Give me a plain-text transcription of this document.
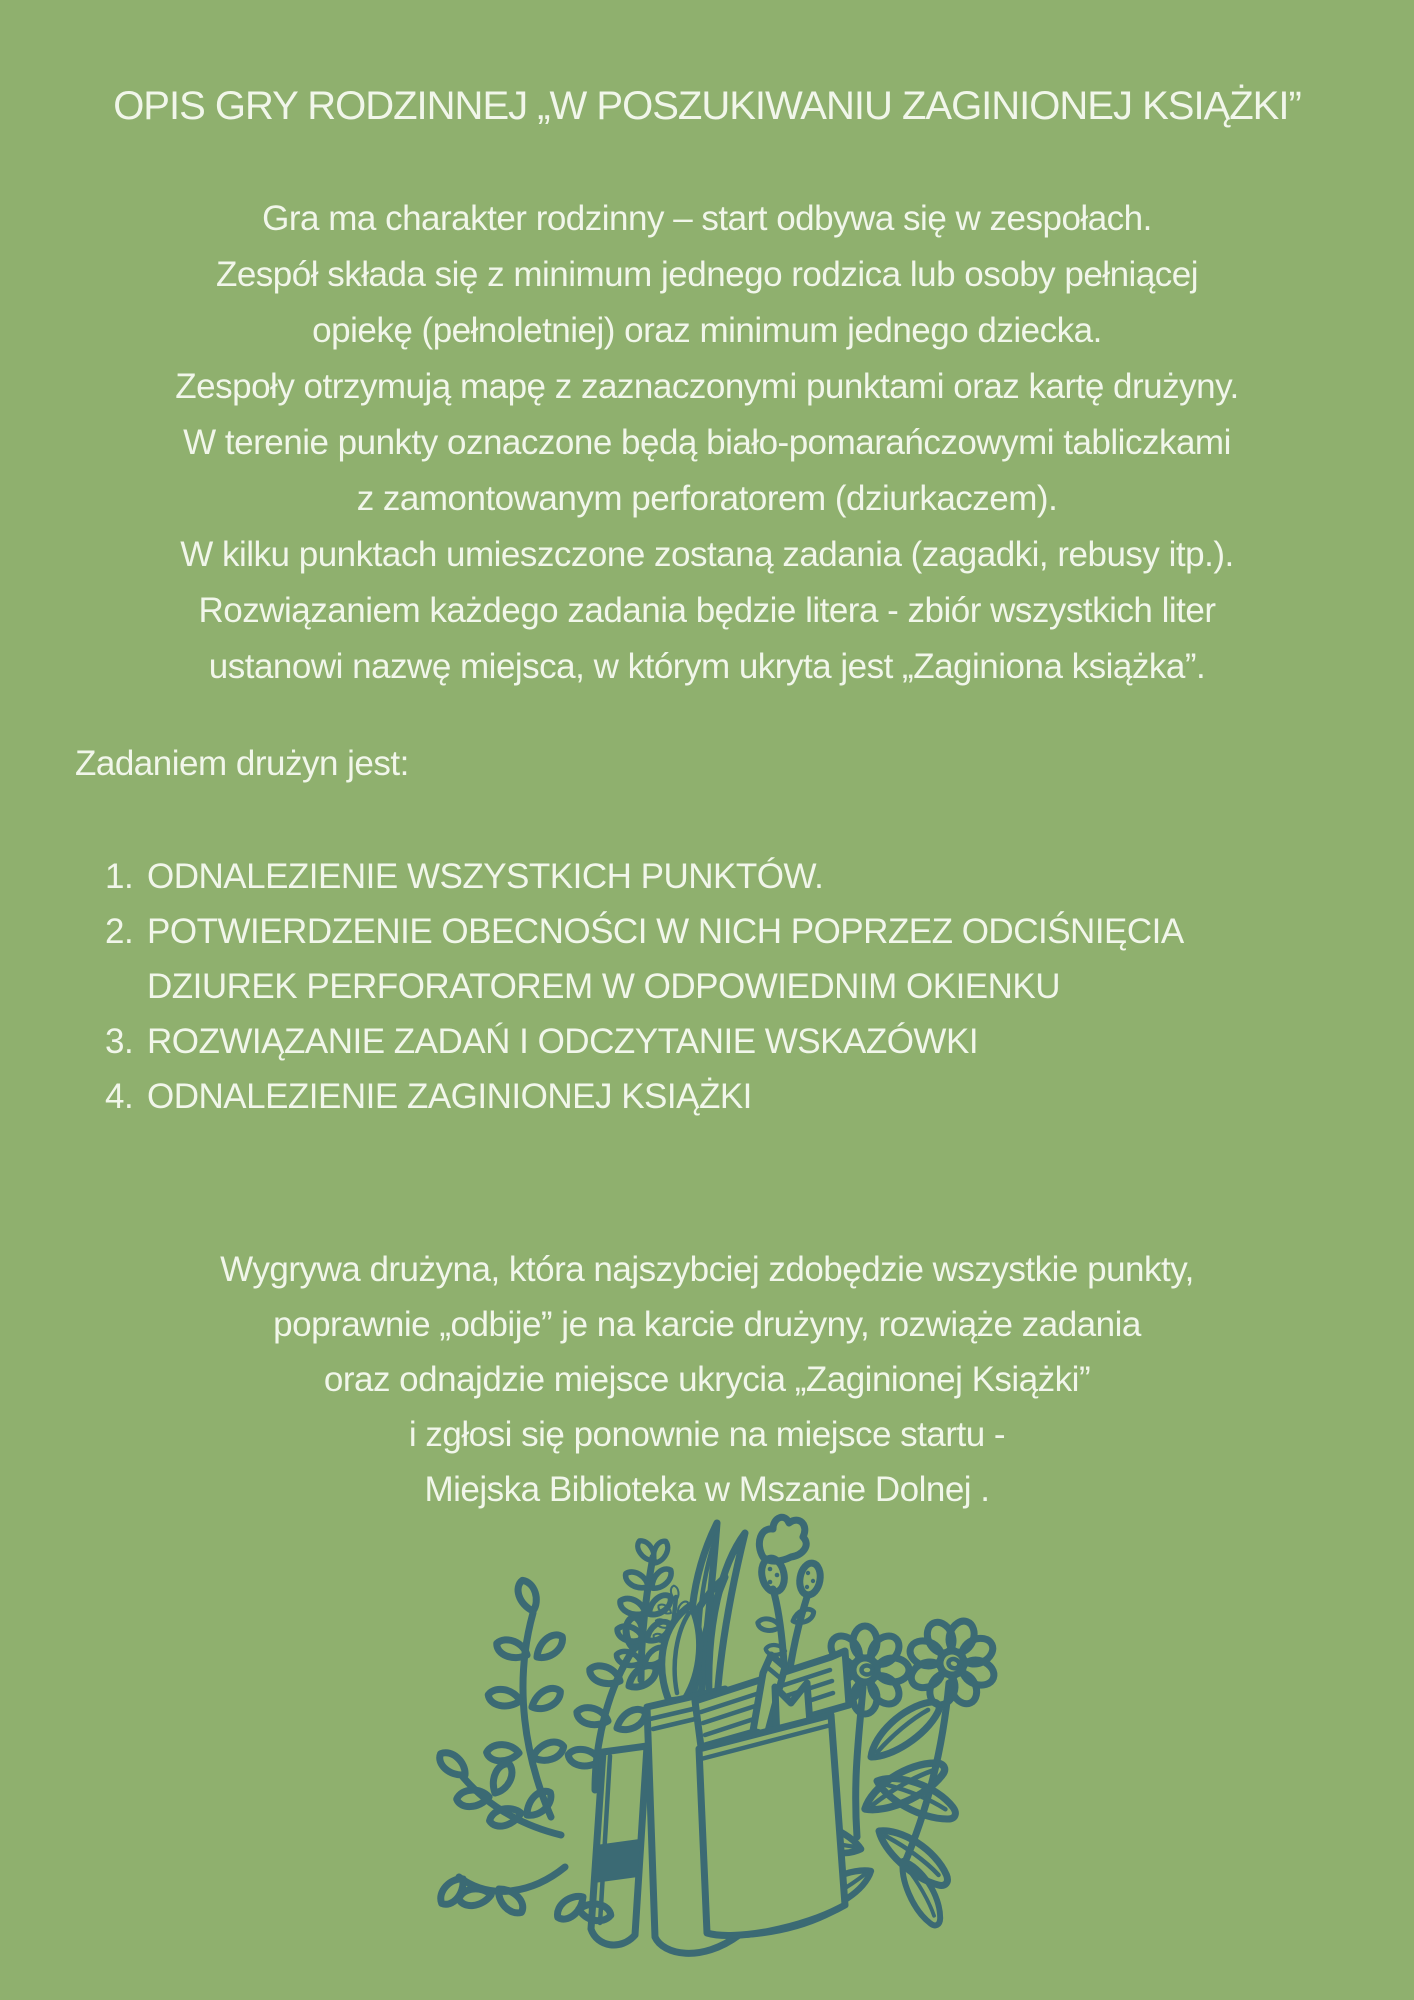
OPIS GRY RODZINNEJ „W POSZUKIWANIU ZAGINIONEJ KSIĄŻKI”
Gra ma charakter rodzinny – start odbywa się w zespołach.
Zespół składa się z minimum jednego rodzica lub osoby pełniącej
opiekę (pełnoletniej) oraz minimum jednego dziecka.
Zespoły otrzymują mapę z zaznaczonymi punktami oraz kartę drużyny.
W terenie punkty oznaczone będą biało-pomarańczowymi tabliczkami
z zamontowanym perforatorem (dziurkaczem).
W kilku punktach umieszczone zostaną zadania (zagadki, rebusy itp.).
Rozwiązaniem każdego zadania będzie litera - zbiór wszystkich liter
ustanowi nazwę miejsca, w którym ukryta jest „Zaginiona książka”.
Zadaniem drużyn jest:
1. ODNALEZIENIE WSZYSTKICH PUNKTÓW.
2. POTWIERDZENIE OBECNOŚCI W NICH POPRZEZ ODCIŚNIĘCIA DZIUREK PERFORATOREM W ODPOWIEDNIM OKIENKU
3. ROZWIĄZANIE ZADAŃ I ODCZYTANIE WSKAZÓWKI
4. ODNALEZIENIE ZAGINIONEJ KSIĄŻKI
Wygrywa drużyna, która najszybciej zdobędzie wszystkie punkty,
poprawnie „odbije” je na karcie drużyny, rozwiąże zadania
oraz odnajdzie miejsce ukrycia „Zaginionej Książki”
i zgłosi się ponownie na miejsce startu -
Miejska Biblioteka w Mszanie Dolnej .
